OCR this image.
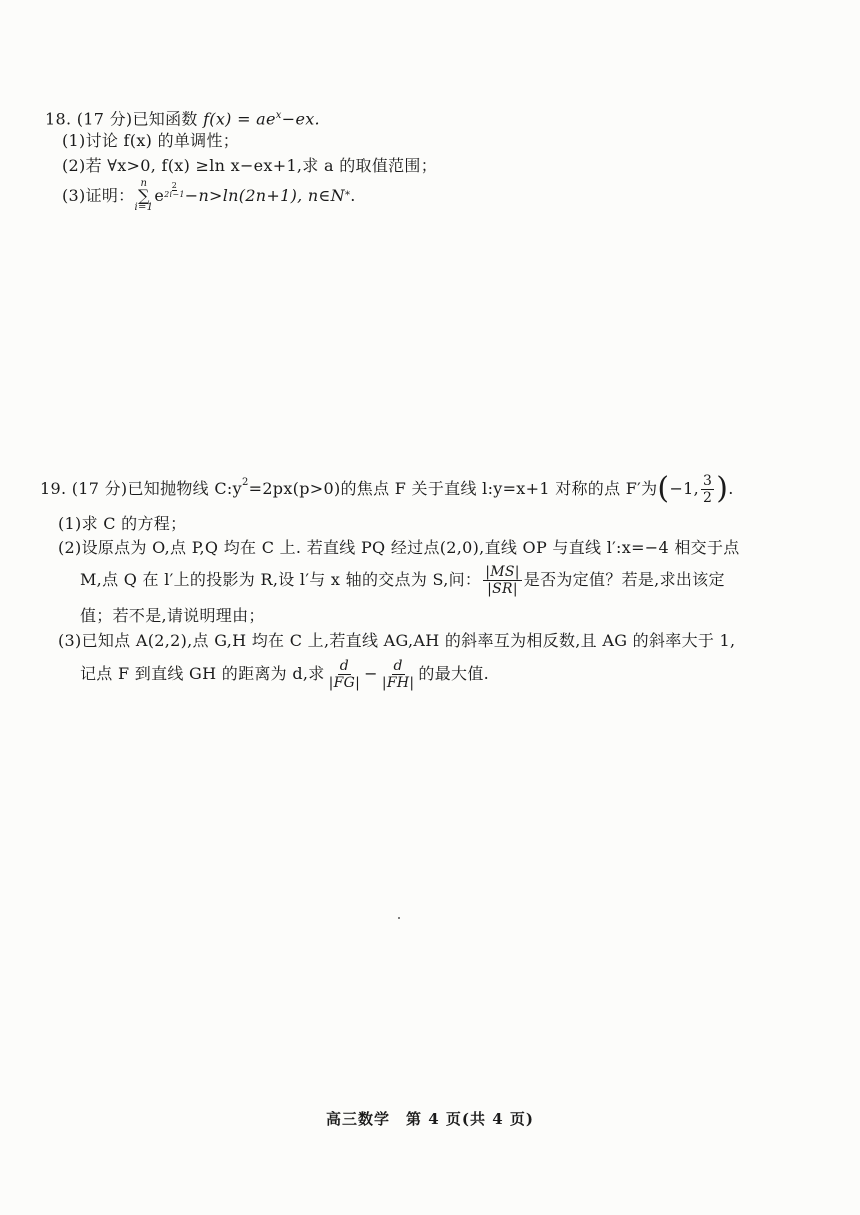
18. (17 分)已知函数 $f(x) = ae^x-ex$.
(1)讨论 f(x) 的单调性；
(2)若 ∀x>0, f(x) ≥ln x−ex+1,求 a 的取值范围；
(3)证明：
n
∑
i=1
e $\frac{2}{2i-1} -n>\ln(2n+1)$, n∈N * .
19.
(17 分) 已知抛物线 $C:y^2 =2px(p>0)$的焦点 F 关于直线 l:y=x+1 对称的点 F′为 ( −1, $\frac{3}{2}$ ) .
(1)求 C 的方程；
(2)设原点为 O,点 P,Q 均在 C 上. 若直线 PQ 经过点(2,0),直线 OP 与直线 l′:x=−4 相交于点
M,点 Q 在 l′上的投影为 R,设 l′与 x 轴的交点为 S,问： $\frac{|MS|}{|SR|}$ 是否为定值？若是,求出该定
值；若不是,请说明理由；
(3)已知点 A(2,2),点 G,H 均在 C 上,若直线 AG,AH 的斜率互为相反数,且 AG 的斜率大于 1,
记点 F 到直线 GH 的距离为 d,求 $\frac{d}{|FG|} - \frac{d}{|FH|}$ 的最大值.
高三数学　第 4 页(共 4 页)
